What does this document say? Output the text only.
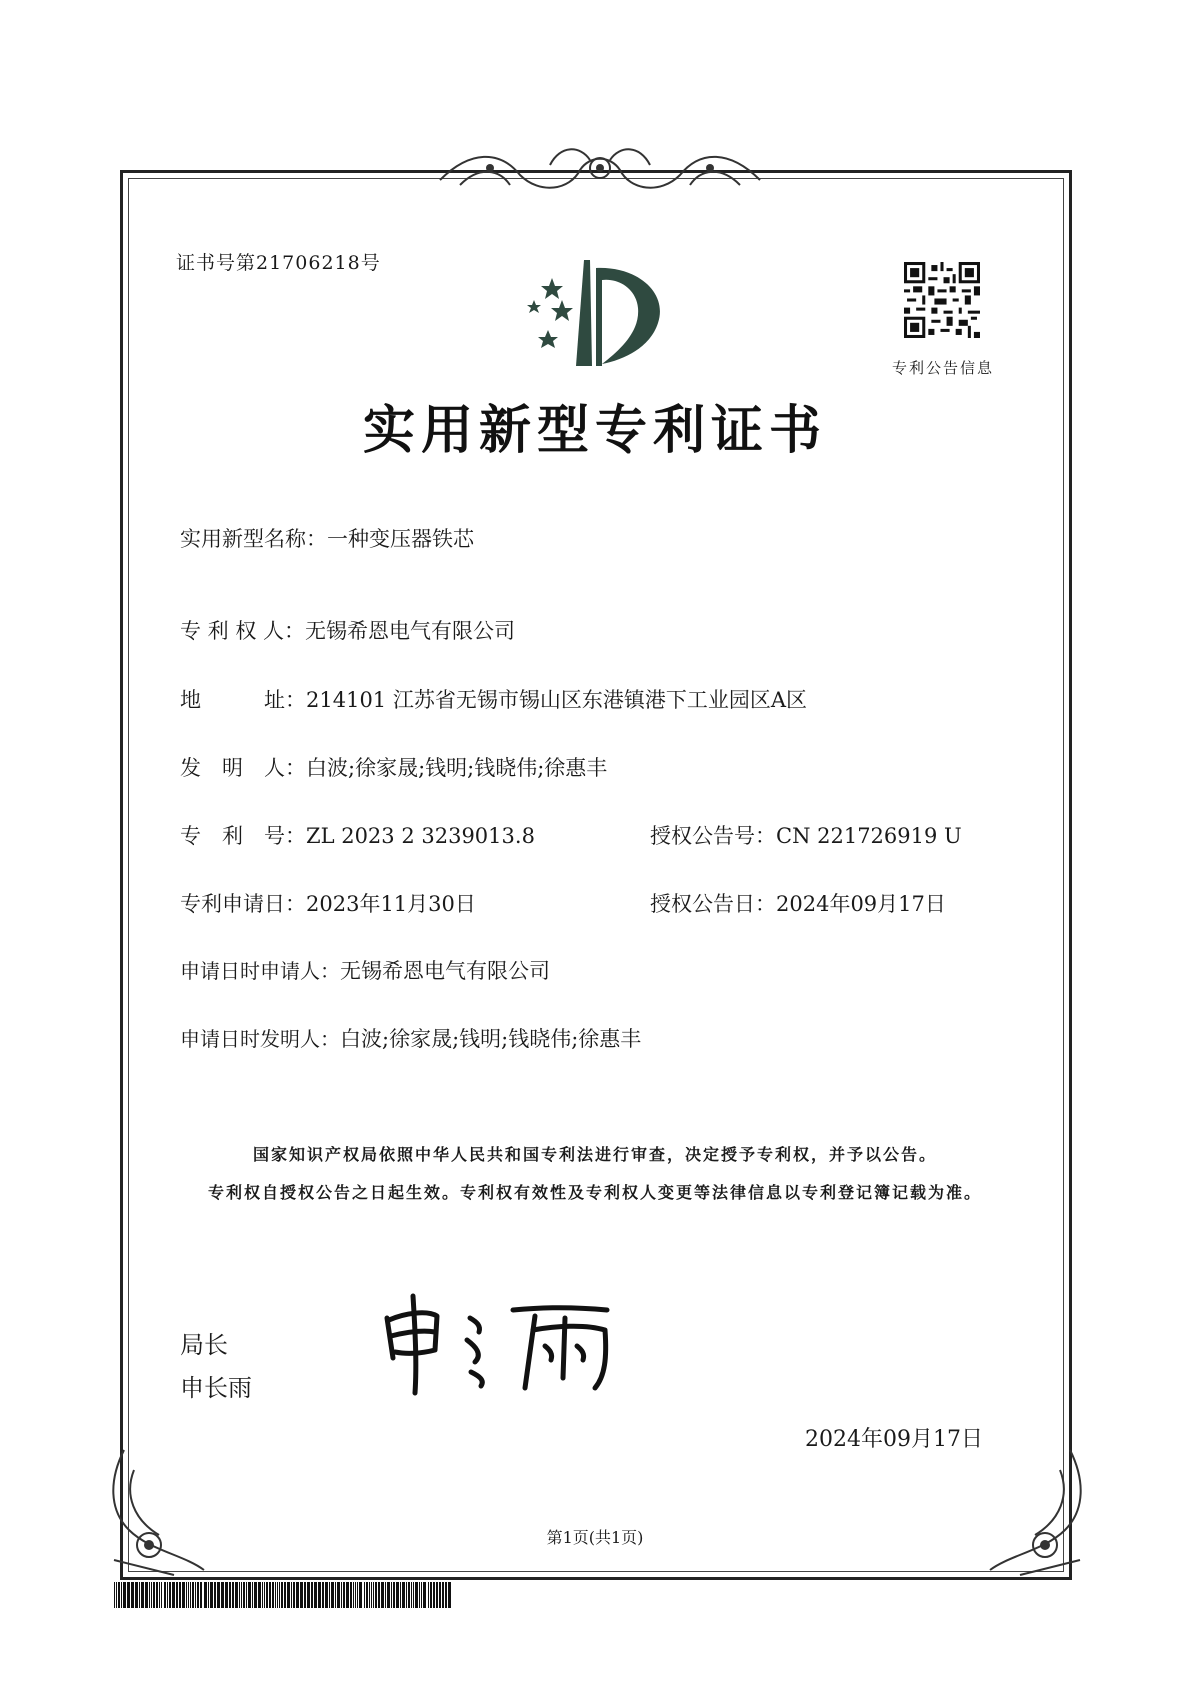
证书号第21706218号
专利公告信息
实用新型专利证书
实用新型名称：一种变压器铁芯
专 利 权 人：无锡希恩电气有限公司
地　　　址：214101 江苏省无锡市锡山区东港镇港下工业园区A区
发　明　人：白波;徐家晟;钱明;钱晓伟;徐惠丰
专　利　号：ZL 2023 2 3239013.8	授权公告号：CN 221726919 U
专利申请日：2023年11月30日	授权公告日：2024年09月17日
申请日时申请人：无锡希恩电气有限公司
申请日时发明人：白波;徐家晟;钱明;钱晓伟;徐惠丰
国家知识产权局依照中华人民共和国专利法进行审查，决定授予专利权，并予以公告。
专利权自授权公告之日起生效。专利权有效性及专利权人变更等法律信息以专利登记簿记载为准。
局长
申长雨
2024年09月17日
第1页(共1页)
